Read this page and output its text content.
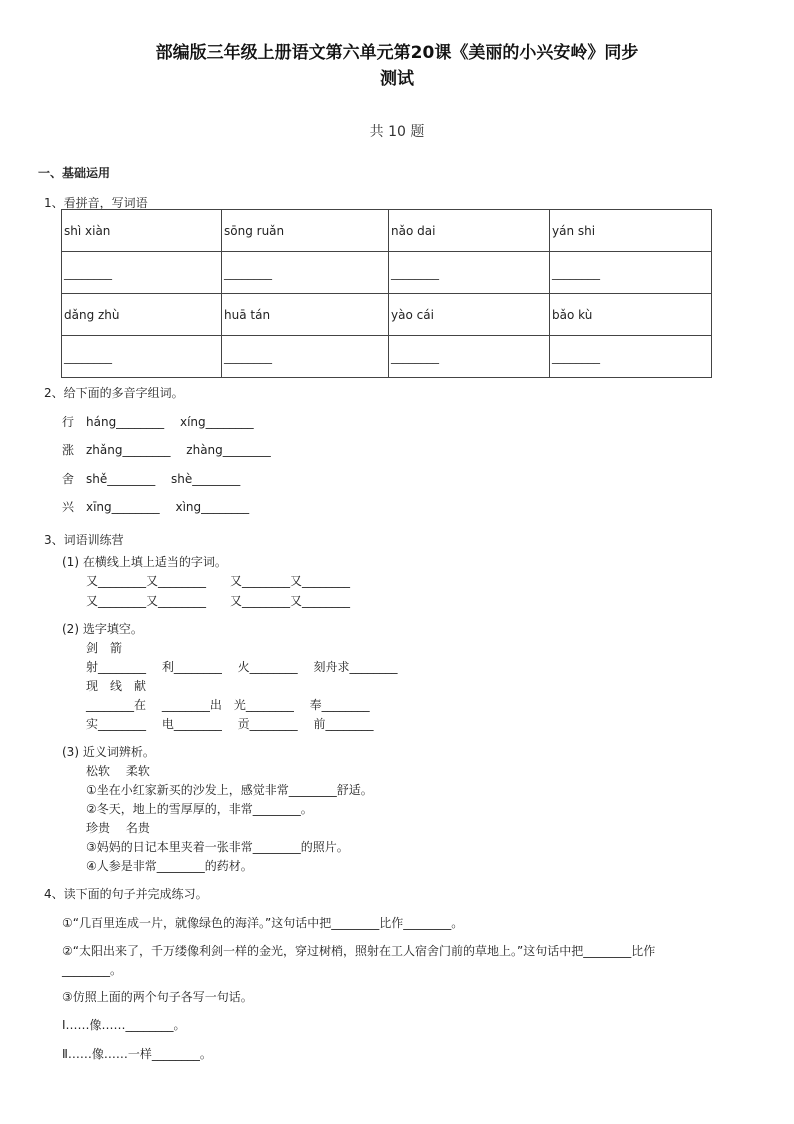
部编版三年级上册语文第六单元第20课《美丽的小兴安岭》同步
测试
共 10 题
一、基础运用
1、看拼音，写词语
shì xiàn	sōng ruǎn	nǎo dai	yán shi
________	________	________	________
dǎng zhù	huā tán	yào cái	bǎo kù
________	________	________	________
2、给下面的多音字组词。
行　háng________　 xíng________
涨　zhǎng________　 zhàng________
舍　shě________　 shè________
兴　xīng________　 xìng________
3、词语训练营
(1) 在横线上填上适当的字词。
又________又________　　又________又________
又________又________　　又________又________
(2) 选字填空。
剑　箭
射________　 利________　 火________　 刻舟求________
现　线　献
________在　 ________出　光________　 奉________
实________　 电________　 贡________　 前________
(3) 近义词辨析。
松软　 柔软
①坐在小红家新买的沙发上，感觉非常________舒适。
②冬天，地上的雪厚厚的，非常________。
珍贵　 名贵
③妈妈的日记本里夹着一张非常________的照片。
④人参是非常________的药材。
4、读下面的句子并完成练习。
①“几百里连成一片，就像绿色的海洋。”这句话中把________比作________。
②“太阳出来了，千万缕像利剑一样的金光，穿过树梢，照射在工人宿舍门前的草地上。”这句话中把________比作
________。
③仿照上面的两个句子各写一句话。
Ⅰ……像……________。
Ⅱ……像……一样________。
